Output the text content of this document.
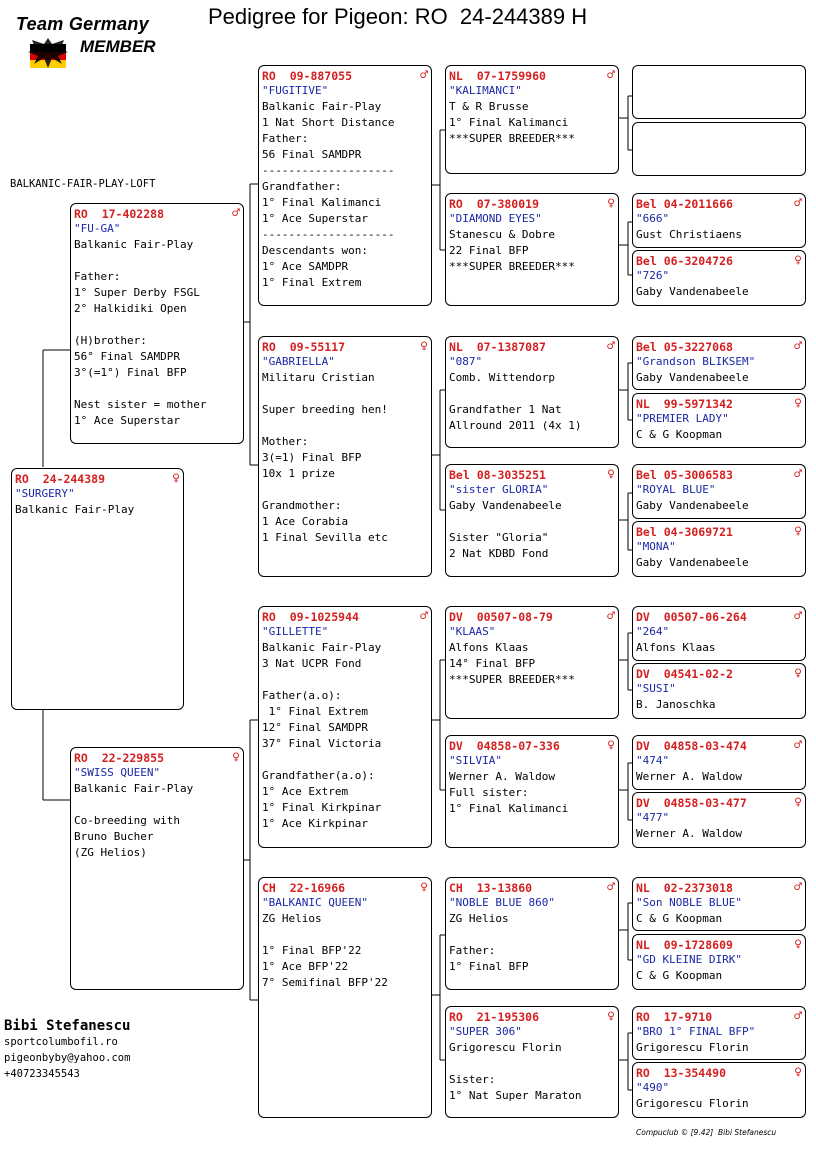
Team Germany
MEMBER
Pedigree for Pigeon: RO  24-244389 H
BALKANIC-FAIR-PLAY-LOFT
RO  24-244389	♀
"SURGERY"
Balkanic Fair-Play
RO  17-402288	♂
"FU-GA"
Balkanic Fair-Play
Father:
1° Super Derby FSGL
2° Halkidiki Open
(H)brother:
56° Final SAMDPR
3°(=1°) Final BFP
Nest sister = mother
1° Ace Superstar
RO  22-229855	♀
"SWISS QUEEN"
Balkanic Fair-Play
Co-breeding with
Bruno Bucher
(ZG Helios)
RO  09-887055	♂
"FUGITIVE"
Balkanic Fair-Play
1 Nat Short Distance
Father:
56 Final SAMDPR
--------------------
Grandfather:
1° Final Kalimanci
1° Ace Superstar
--------------------
Descendants won:
1° Ace SAMDPR
1° Final Extrem
RO  09-55117	♀
"GABRIELLA"
Militaru Cristian
Super breeding hen!
Mother:
3(=1) Final BFP
10x 1 prize
Grandmother:
1 Ace Corabia
1 Final Sevilla etc
RO  09-1025944	♂
"GILLETTE"
Balkanic Fair-Play
3 Nat UCPR Fond
Father(a.o):
1° Final Extrem
12° Final SAMDPR
37° Final Victoria
Grandfather(a.o):
1° Ace Extrem
1° Final Kirkpinar
1° Ace Kirkpinar
CH  22-16966	♀
"BALKANIC QUEEN"
ZG Helios
1° Final BFP'22
1° Ace BFP'22
7° Semifinal BFP'22
NL  07-1759960	♂
"KALIMANCI"
T & R Brusse
1° Final Kalimanci
***SUPER BREEDER***
RO  07-380019	♀
"DIAMOND EYES"
Stanescu & Dobre
22 Final BFP
***SUPER BREEDER***
NL  07-1387087	♂
"087"
Comb. Wittendorp
Grandfather 1 Nat
Allround 2011 (4x 1)
Bel 08-3035251	♀
"sister GLORIA"
Gaby Vandenabeele
Sister "Gloria"
2 Nat KDBD Fond
DV  00507-08-79	♂
"KLAAS"
Alfons Klaas
14° Final BFP
***SUPER BREEDER***
DV  04858-07-336	♀
"SILVIA"
Werner A. Waldow
Full sister:
1° Final Kalimanci
CH  13-13860	♂
"NOBLE BLUE 860"
ZG Helios
Father:
1° Final BFP
RO  21-195306	♀
"SUPER 306"
Grigorescu Florin
Sister:
1° Nat Super Maraton
Bel 04-2011666	♂
"666"
Gust Christiaens
Bel 06-3204726	♀
"726"
Gaby Vandenabeele
Bel 05-3227068	♂
"Grandson BLIKSEM"
Gaby Vandenabeele
NL  99-5971342	♀
"PREMIER LADY"
C & G Koopman
Bel 05-3006583	♂
"ROYAL BLUE"
Gaby Vandenabeele
Bel 04-3069721	♀
"MONA"
Gaby Vandenabeele
DV  00507-06-264	♂
"264"
Alfons Klaas
DV  04541-02-2	♀
"SUSI"
B. Janoschka
DV  04858-03-474	♂
"474"
Werner A. Waldow
DV  04858-03-477	♀
"477"
Werner A. Waldow
NL  02-2373018	♂
"Son NOBLE BLUE"
C & G Koopman
NL  09-1728609	♀
"GD KLEINE DIRK"
C & G Koopman
RO  17-9710	♂
"BRO 1° FINAL BFP"
Grigorescu Florin
RO  13-354490	♀
"490"
Grigorescu Florin
Bibi Stefanescu
sportcolumbofil.ro
pigeonbyby@yahoo.com
+40723345543
Compuclub © [9.42]  Bibi Stefanescu
